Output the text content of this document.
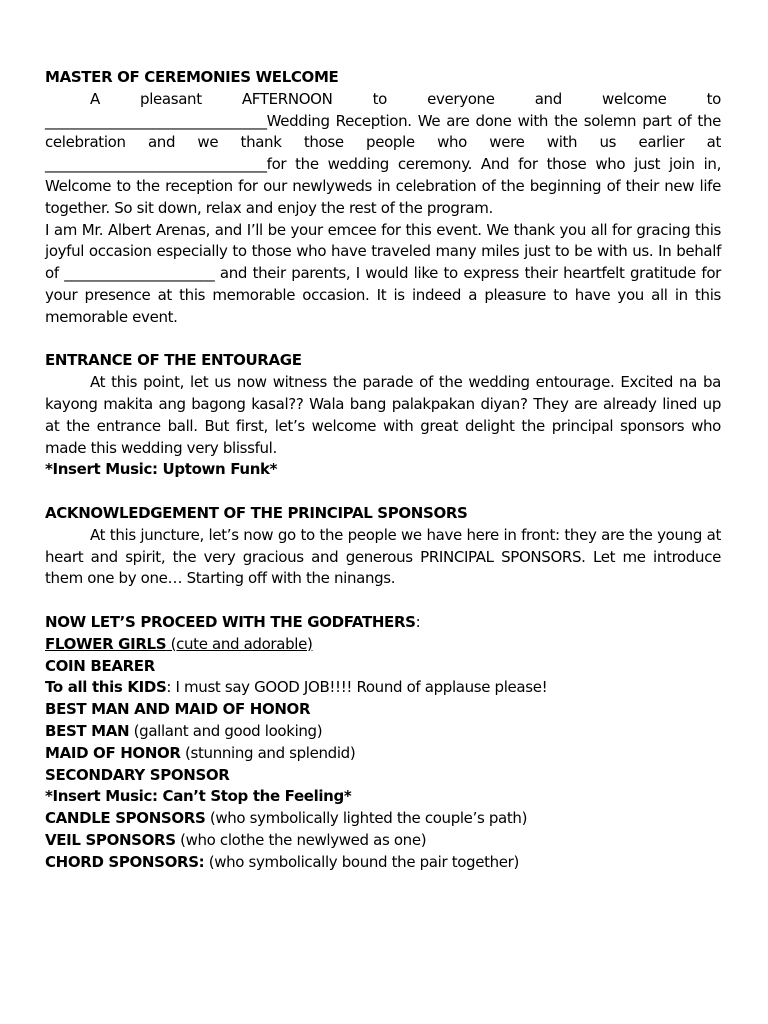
MASTER OF CEREMONIES WELCOME

A pleasant AFTERNOON to everyone and welcome to _______________________________Wedding Reception. We are done with the solemn part of the celebration and we thank those people who were with us earlier at _______________________________for the wedding ceremony. And for those who just join in, Welcome to the reception for our newlyweds in celebration of the beginning of their new life together. So sit down, relax and enjoy the rest of the program.

I am Mr. Albert Arenas, and I’ll be your emcee for this event. We thank you all for gracing this joyful occasion especially to those who have traveled many miles just to be with us. In behalf of _____________________ and their parents, I would like to express their heartfelt gratitude for your presence at this memorable occasion. It is indeed a pleasure to have you all in this memorable event.

ENTRANCE OF THE ENTOURAGE

At this point, let us now witness the parade of the wedding entourage. Excited na ba kayong makita ang bagong kasal?? Wala bang palakpakan diyan? They are already lined up at the entrance ball. But first, let’s welcome with great delight the principal sponsors who made this wedding very blissful.

*Insert Music: Uptown Funk*

ACKNOWLEDGEMENT OF THE PRINCIPAL SPONSORS

At this juncture, let’s now go to the people we have here in front: they are the young at heart and spirit, the very gracious and generous PRINCIPAL SPONSORS. Let me introduce them one by one… Starting off with the ninangs.

NOW LET’S PROCEED WITH THE GODFATHERS:

FLOWER GIRLS (cute and adorable)

COIN BEARER

To all this KIDS: I must say GOOD JOB!!!! Round of applause please!

BEST MAN AND MAID OF HONOR

BEST MAN (gallant and good looking)

MAID OF HONOR (stunning and splendid)

SECONDARY SPONSOR

*Insert Music: Can’t Stop the Feeling*

CANDLE SPONSORS (who symbolically lighted the couple’s path)

VEIL SPONSORS (who clothe the newlywed as one)

CHORD SPONSORS: (who symbolically bound the pair together)
